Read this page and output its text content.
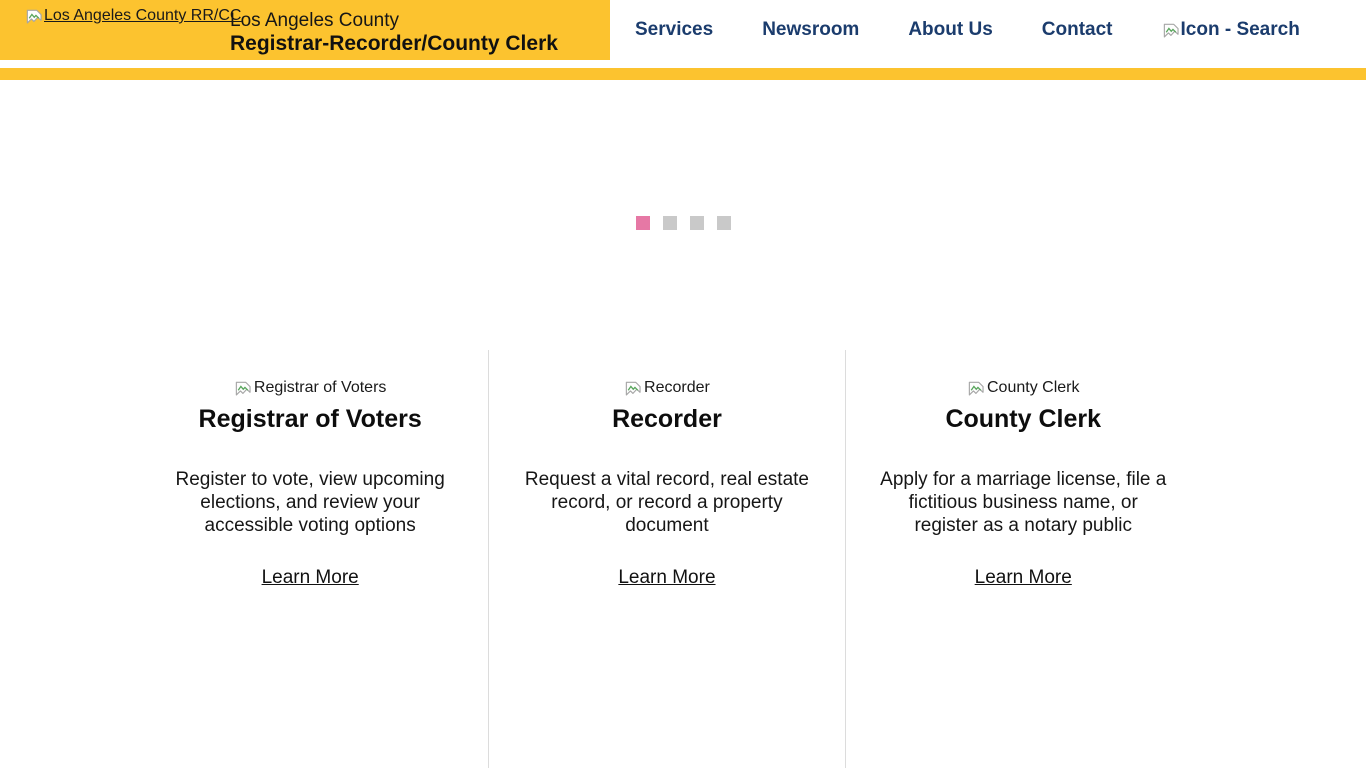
Los Angeles County RR/CC
Los Angeles County
Registrar-Recorder/County Clerk
Services	Newsroom	About Us	Contact	Icon - Search
Registrar of Voters
Registrar of Voters

Register to vote, view upcoming elections, and review your accessible voting options

Learn More
Recorder
Recorder

Request a vital record, real estate record, or record a property document

Learn More
County Clerk
County Clerk

Apply for a marriage license, file a fictitious business name, or register as a notary public

Learn More
